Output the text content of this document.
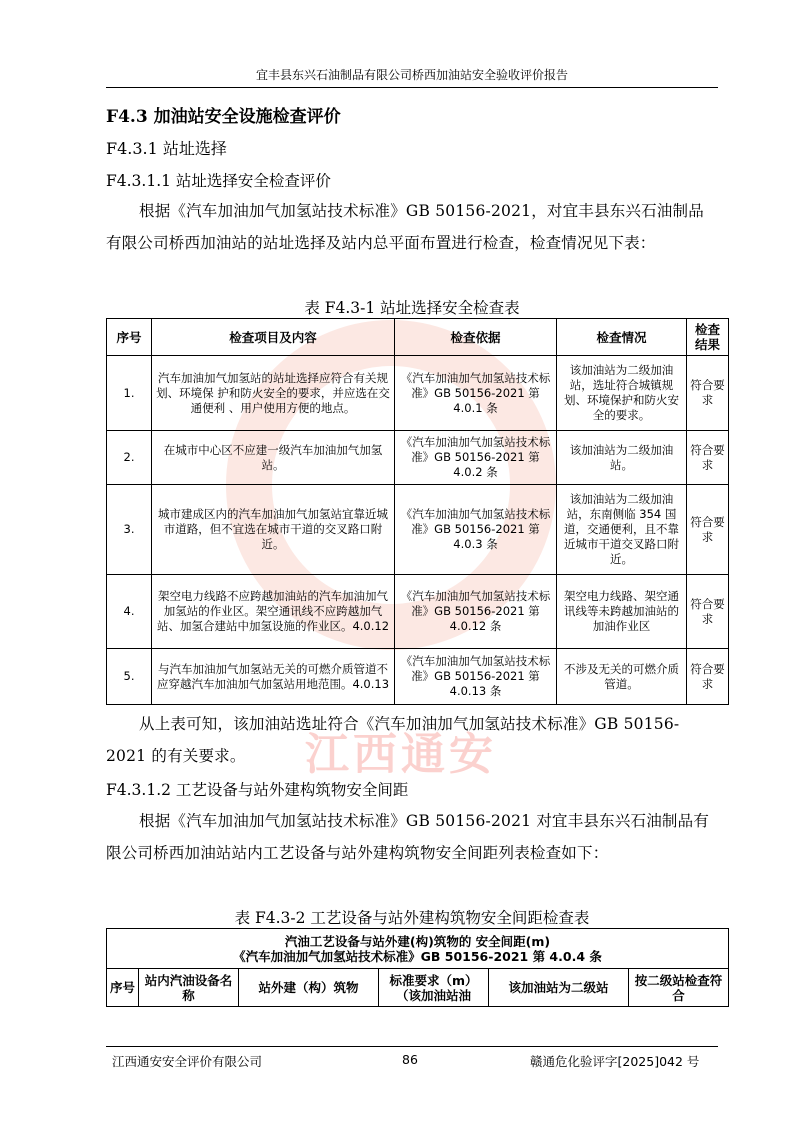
江西通安
宜丰县东兴石油制品有限公司桥西加油站安全验收评价报告
F4.3 加油站安全设施检查评价
F4.3.1 站址选择
F4.3.1.1 站址选择安全检查评价
根据《汽车加油加气加氢站技术标准》GB 50156-2021，对宜丰县东兴石油制品有限公司桥西加油站的站址选择及站内总平面布置进行检查，检查情况见下表：
表 F4.3-1 站址选择安全检查表
序号	检查项目及内容	检查依据	检查情况	检查结果
1.	汽车加油加气加氢站的站址选择应符合有关规划、环境保 护和防火安全的要求，并应选在交通便利 、用户使用方便的地点。	《汽车加油加气加氢站技术标准》GB 50156-2021 第 4.0.1 条	该加油站为二级加油站，选址符合城镇规划、环境保护和防火安全的要求。	符合要求
2.	在城市中心区不应建一级汽车加油加气加氢站。	《汽车加油加气加氢站技术标准》GB 50156-2021 第 4.0.2 条	该加油站为二级加油站。	符合要求
3.	城市建成区内的汽车加油加气加氢站宜靠近城市道路，但不宜选在城市干道的交叉路口附近。	《汽车加油加气加氢站技术标准》GB 50156-2021 第 4.0.3 条	该加油站为二级加油站，东南侧临 354 国道，交通便利，且不靠近城市干道交叉路口附近。	符合要求
4.	架空电力线路不应跨越加油站的汽车加油加气加氢站的作业区。架空通讯线不应跨越加气站、加氢合建站中加氢设施的作业区。4.0.12	《汽车加油加气加氢站技术标准》GB 50156-2021 第 4.0.12 条	架空电力线路、架空通讯线等未跨越加油站的加油作业区	符合要求
5.	与汽车加油加气加氢站无关的可燃介质管道不应穿越汽车加油加气加氢站用地范围。4.0.13	《汽车加油加气加氢站技术标准》GB 50156-2021 第 4.0.13 条	不涉及无关的可燃介质管道。	符合要求
从上表可知，该加油站选址符合《汽车加油加气加氢站技术标准》GB 50156-2021 的有关要求。
F4.3.1.2 工艺设备与站外建构筑物安全间距
根据《汽车加油加气加氢站技术标准》GB 50156-2021 对宜丰县东兴石油制品有限公司桥西加油站站内工艺设备与站外建构筑物安全间距列表检查如下：
表 F4.3-2 工艺设备与站外建构筑物安全间距检查表
汽油工艺设备与站外建(构)筑物的 安全间距(m)
《汽车加油加气加氢站技术标准》GB 50156-2021 第 4.0.4 条

序号	站内汽油设备名称	站外建（构）筑物	标准要求（m）（该加油站油	该加油站为二级站	按二级站检查符合
江西通安安全评价有限公司	86	赣通危化验评字[2025]042 号
